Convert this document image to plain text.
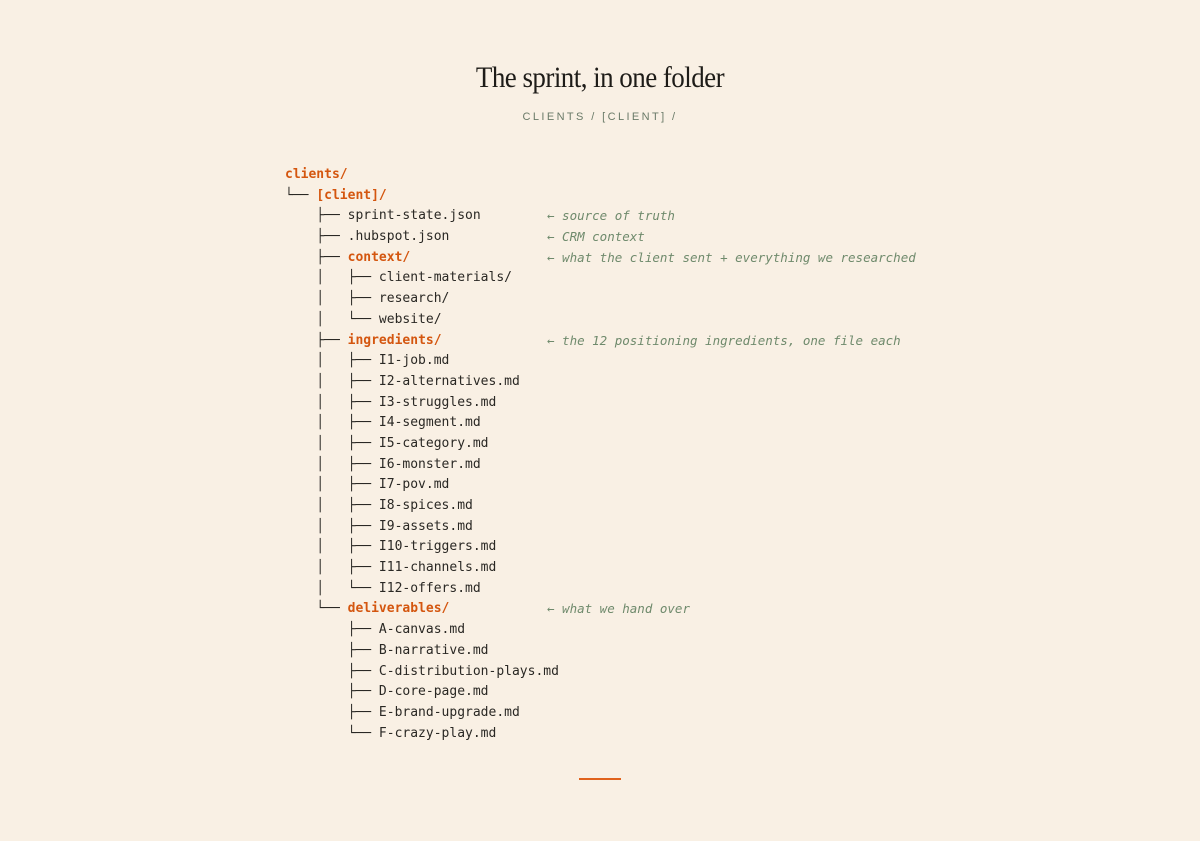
The sprint, in one folder
CLIENTS / [CLIENT] /
clients/
└── [client]/
├── sprint-state.json	← source of truth
├── .hubspot.json	← CRM context
├── context/	← what the client sent + everything we researched
│   ├── client-materials/
│   ├── research/
│   └── website/
├── ingredients/	← the 12 positioning ingredients, one file each
│   ├── I1-job.md
│   ├── I2-alternatives.md
│   ├── I3-struggles.md
│   ├── I4-segment.md
│   ├── I5-category.md
│   ├── I6-monster.md
│   ├── I7-pov.md
│   ├── I8-spices.md
│   ├── I9-assets.md
│   ├── I10-triggers.md
│   ├── I11-channels.md
│   └── I12-offers.md
└── deliverables/	← what we hand over
├── A-canvas.md
├── B-narrative.md
├── C-distribution-plays.md
├── D-core-page.md
├── E-brand-upgrade.md
└── F-crazy-play.md
